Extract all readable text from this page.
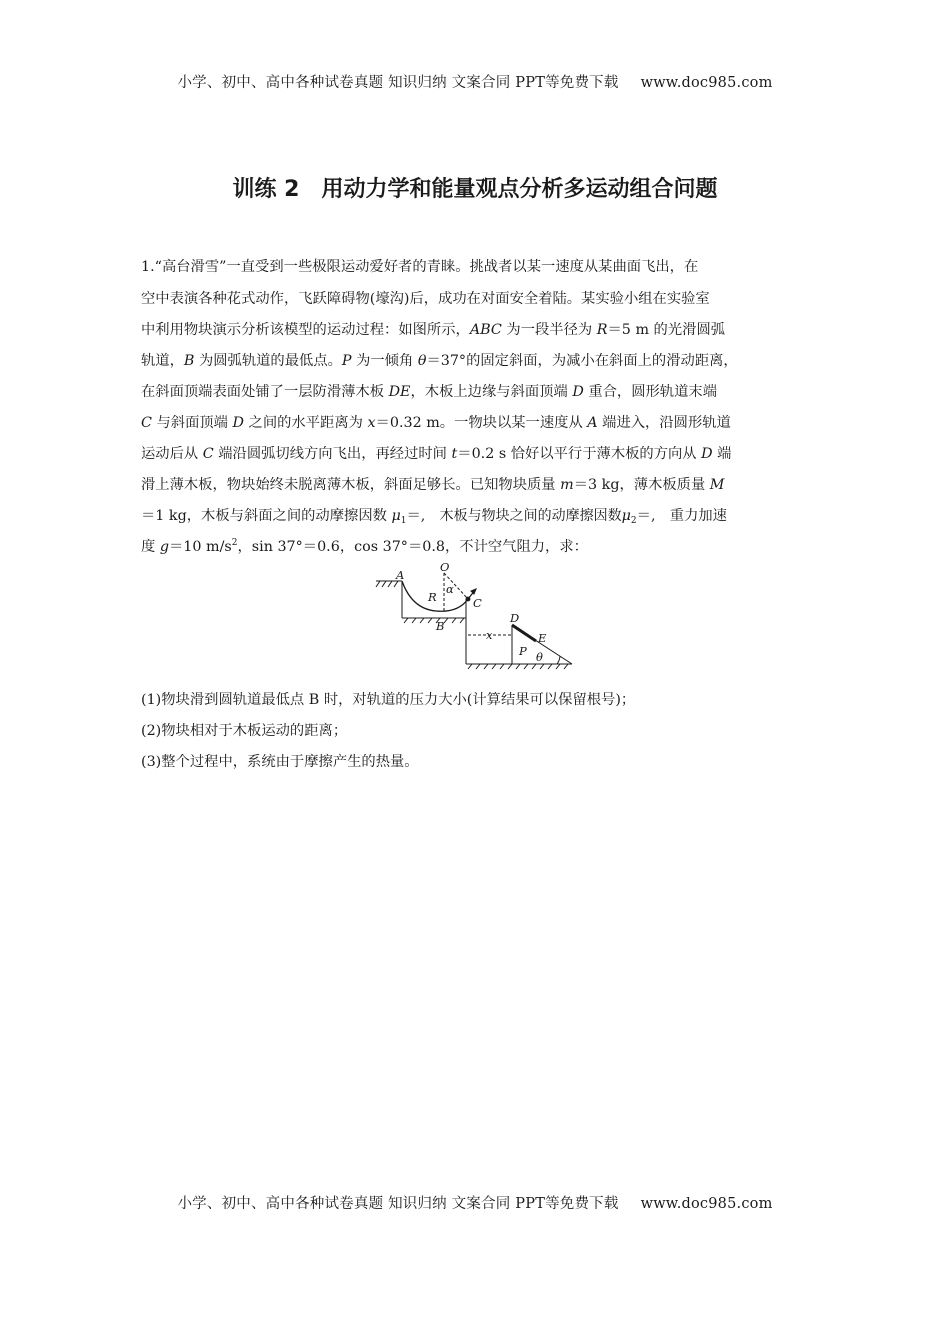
小学、初中、高中各种试卷真题 知识归纳 文案合同 PPT等免费下载 www.doc985.com
训练 2　用动力学和能量观点分析多运动组合问题
1.“高台滑雪”一直受到一些极限运动爱好者的青睐。挑战者以某一速度从某曲面飞出，在
空中表演各种花式动作，飞跃障碍物(壕沟)后，成功在对面安全着陆。某实验小组在实验室
中利用物块演示分析该模型的运动过程：如图所示，ABC 为一段半径为 R＝5 m 的光滑圆弧
轨道，B 为圆弧轨道的最低点。P 为一倾角 θ＝37°的固定斜面，为减小在斜面上的滑动距离，
在斜面顶端表面处铺了一层防滑薄木板 DE，木板上边缘与斜面顶端 D 重合，圆形轨道末端
C 与斜面顶端 D 之间的水平距离为 x＝0.32 m。一物块以某一速度从 A 端进入，沿圆形轨道
运动后从 C 端沿圆弧切线方向飞出，再经过时间 t＝0.2 s 恰好以平行于薄木板的方向从 D 端
滑上薄木板，物块始终未脱离薄木板，斜面足够长。已知物块质量 m＝3 kg，薄木板质量 M
＝1 kg，木板与斜面之间的动摩擦因数 $\mu_1=$,　木板与物块之间的动摩擦因数$\mu_2=$,　重力加速
度 g＝10 $m/s^2$，sin 37°＝0.6，cos 37°＝0.8，不计空气阻力，求：
O
A
α
R	C
B
D
E
x
P θ
(1)物块滑到圆轨道最低点 B 时，对轨道的压力大小(计算结果可以保留根号)；
(2)物块相对于木板运动的距离；
(3)整个过程中，系统由于摩擦产生的热量。
小学、初中、高中各种试卷真题 知识归纳 文案合同 PPT等免费下载 www.doc985.com
